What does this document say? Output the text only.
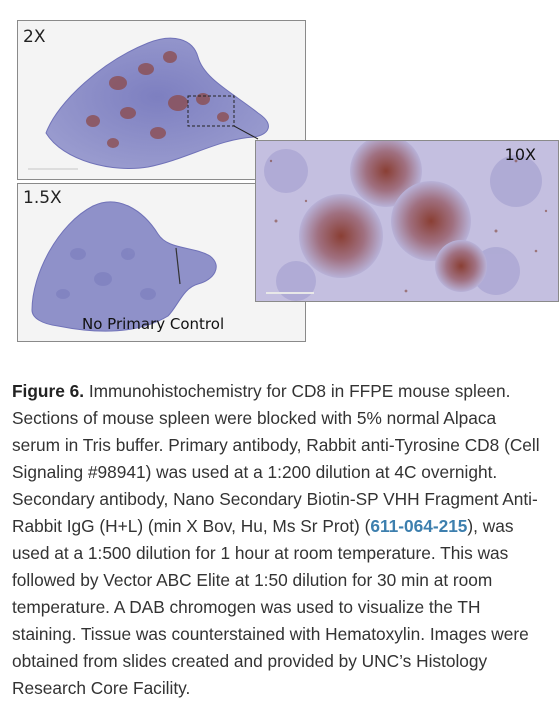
2X
1.5X
No Primary Control
10X

Figure 6. Immunohistochemistry for CD8 in FFPE mouse spleen. Sections of mouse spleen were blocked with 5% normal Alpaca serum in Tris buffer. Primary antibody, Rabbit anti-Tyrosine CD8 (Cell Signaling #98941) was used at a 1:200 dilution at 4C overnight. Secondary antibody, Nano Secondary Biotin-SP VHH Fragment Anti-Rabbit IgG (H+L) (min X Bov, Hu, Ms Sr Prot) (611-064-215), was used at a 1:500 dilution for 1 hour at room temperature. This was followed by Vector ABC Elite at 1:50 dilution for 30 min at room temperature. A DAB chromogen was used to visualize the TH staining. Tissue was counterstained with Hematoxylin. Images were obtained from slides created and provided by UNC’s Histology Research Core Facility.
